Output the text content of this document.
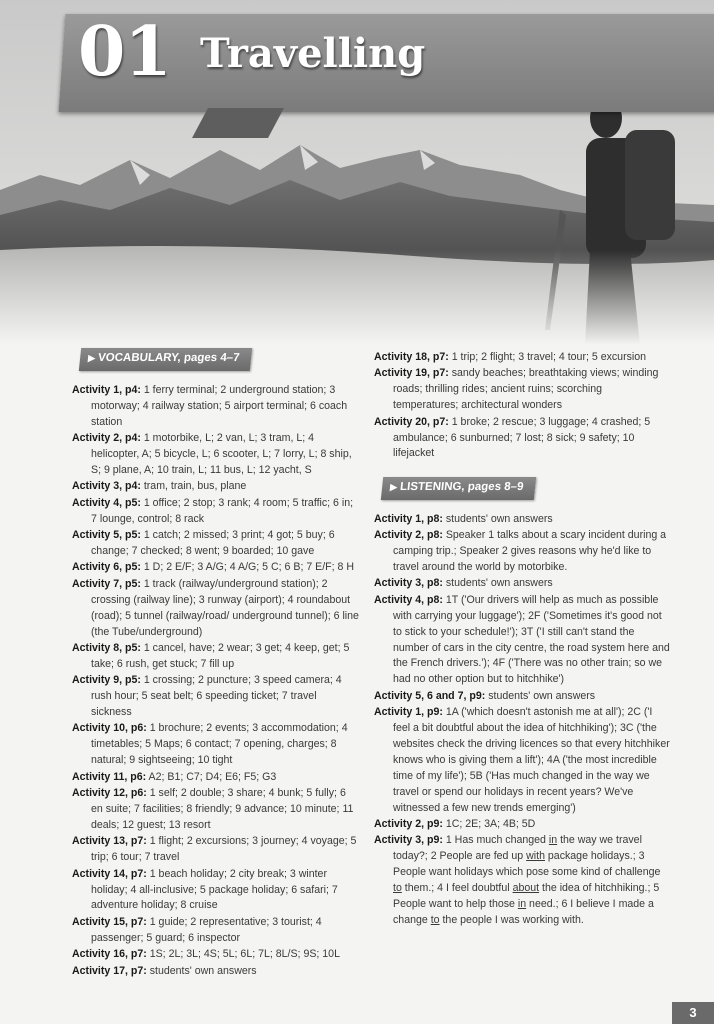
01 Travelling
▶ VOCABULARY, pages 4–7
Activity 1, p4: 1 ferry terminal; 2 underground station; 3 motorway; 4 railway station; 5 airport terminal; 6 coach station
Activity 2, p4: 1 motorbike, L; 2 van, L; 3 tram, L; 4 helicopter, A; 5 bicycle, L; 6 scooter, L; 7 lorry, L; 8 ship, S; 9 plane, A; 10 train, L; 11 bus, L; 12 yacht, S
Activity 3, p4: tram, train, bus, plane
Activity 4, p5: 1 office; 2 stop; 3 rank; 4 room; 5 traffic; 6 in; 7 lounge, control; 8 rack
Activity 5, p5: 1 catch; 2 missed; 3 print; 4 got; 5 buy; 6 change; 7 checked; 8 went; 9 boarded; 10 gave
Activity 6, p5: 1 D; 2 E/F; 3 A/G; 4 A/G; 5 C; 6 B; 7 E/F; 8 H
Activity 7, p5: 1 track (railway/underground station); 2 crossing (railway line); 3 runway (airport); 4 roundabout (road); 5 tunnel (railway/road/ underground tunnel); 6 line (the Tube/underground)
Activity 8, p5: 1 cancel, have; 2 wear; 3 get; 4 keep, get; 5 take; 6 rush, get stuck; 7 fill up
Activity 9, p5: 1 crossing; 2 puncture; 3 speed camera; 4 rush hour; 5 seat belt; 6 speeding ticket; 7 travel sickness
Activity 10, p6: 1 brochure; 2 events; 3 accommodation; 4 timetables; 5 Maps; 6 contact; 7 opening, charges; 8 natural; 9 sightseeing; 10 tight
Activity 11, p6: A2; B1; C7; D4; E6; F5; G3
Activity 12, p6: 1 self; 2 double; 3 share; 4 bunk; 5 fully; 6 en suite; 7 facilities; 8 friendly; 9 advance; 10 minute; 11 deals; 12 guest; 13 resort
Activity 13, p7: 1 flight; 2 excursions; 3 journey; 4 voyage; 5 trip; 6 tour; 7 travel
Activity 14, p7: 1 beach holiday; 2 city break; 3 winter holiday; 4 all-inclusive; 5 package holiday; 6 safari; 7 adventure holiday; 8 cruise
Activity 15, p7: 1 guide; 2 representative; 3 tourist; 4 passenger; 5 guard; 6 inspector
Activity 16, p7: 1S; 2L; 3L; 4S; 5L; 6L; 7L; 8L/S; 9S; 10L
Activity 17, p7: students' own answers
Activity 18, p7: 1 trip; 2 flight; 3 travel; 4 tour; 5 excursion
Activity 19, p7: sandy beaches; breathtaking views; winding roads; thrilling rides; ancient ruins; scorching temperatures; architectural wonders
Activity 20, p7: 1 broke; 2 rescue; 3 luggage; 4 crashed; 5 ambulance; 6 sunburned; 7 lost; 8 sick; 9 safety; 10 lifejacket
▶ LISTENING, pages 8–9
Activity 1, p8: students' own answers
Activity 2, p8: Speaker 1 talks about a scary incident during a camping trip.; Speaker 2 gives reasons why he'd like to travel around the world by motorbike.
Activity 3, p8: students' own answers
Activity 4, p8: 1T ('Our drivers will help as much as possible with carrying your luggage'); 2F ('Sometimes it's good not to stick to your schedule!'); 3T ('I still can't stand the number of cars in the city centre, the road system here and the French drivers.'); 4F ('There was no other train; so we had no other option but to hitchhike')
Activity 5, 6 and 7, p9: students' own answers
Activity 1, p9: 1A ('which doesn't astonish me at all'); 2C ('I feel a bit doubtful about the idea of hitchhiking'); 3C ('the websites check the driving licences so that every hitchhiker knows who is giving them a lift'); 4A ('the most incredible time of my life'); 5B ('Has much changed in the way we travel or spend our holidays in recent years? We've witnessed a few new trends emerging')
Activity 2, p9: 1C; 2E; 3A; 4B; 5D
Activity 3, p9: 1 Has much changed in the way we travel today?; 2 People are fed up with package holidays.; 3 People want holidays which pose some kind of challenge to them.; 4 I feel doubtful about the idea of hitchhiking.; 5 People want to help those in need.; 6 I believe I made a change to the people I was working with.
3
